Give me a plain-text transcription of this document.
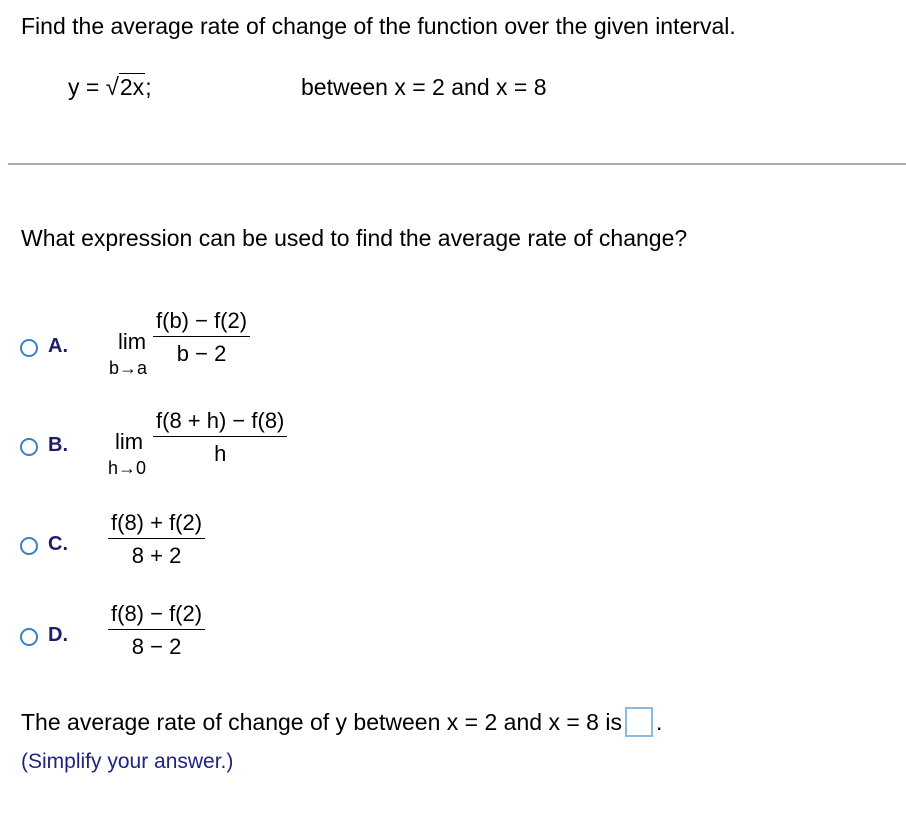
Find the average rate of change of the function over the given interval.
y = √2x;	between x = 2 and x = 8
What expression can be used to find the average rate of change?
A. lim
b→a
f(b) − f(2)
b − 2
B. lim
h→0
f(8 + h) − f(8)
h
C.
f(8) + f(2)
8 + 2
D.
f(8) − f(2)
8 − 2
The average rate of change of y between x = 2 and x = 8 is .
(Simplify your answer.)
